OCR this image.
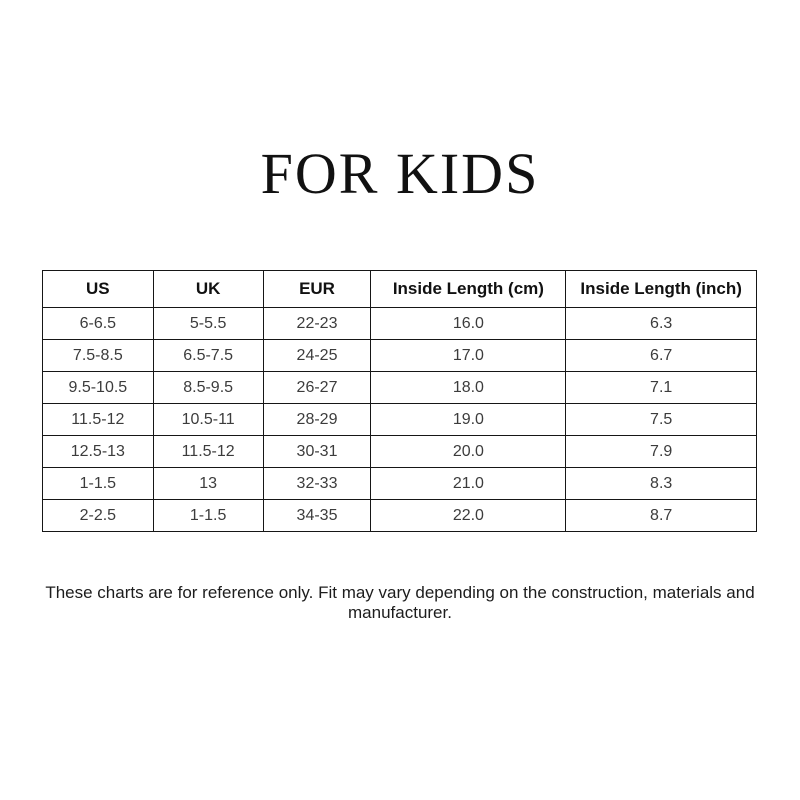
FOR KIDS
US	UK	EUR	Inside Length (cm)	Inside Length (inch)
6-6.5	5-5.5	22-23	16.0	6.3
7.5-8.5	6.5-7.5	24-25	17.0	6.7
9.5-10.5	8.5-9.5	26-27	18.0	7.1
11.5-12	10.5-11	28-29	19.0	7.5
12.5-13	11.5-12	30-31	20.0	7.9
1-1.5	13	32-33	21.0	8.3
2-2.5	1-1.5	34-35	22.0	8.7
These charts are for reference only. Fit may vary depending on the construction, materials and manufacturer.
